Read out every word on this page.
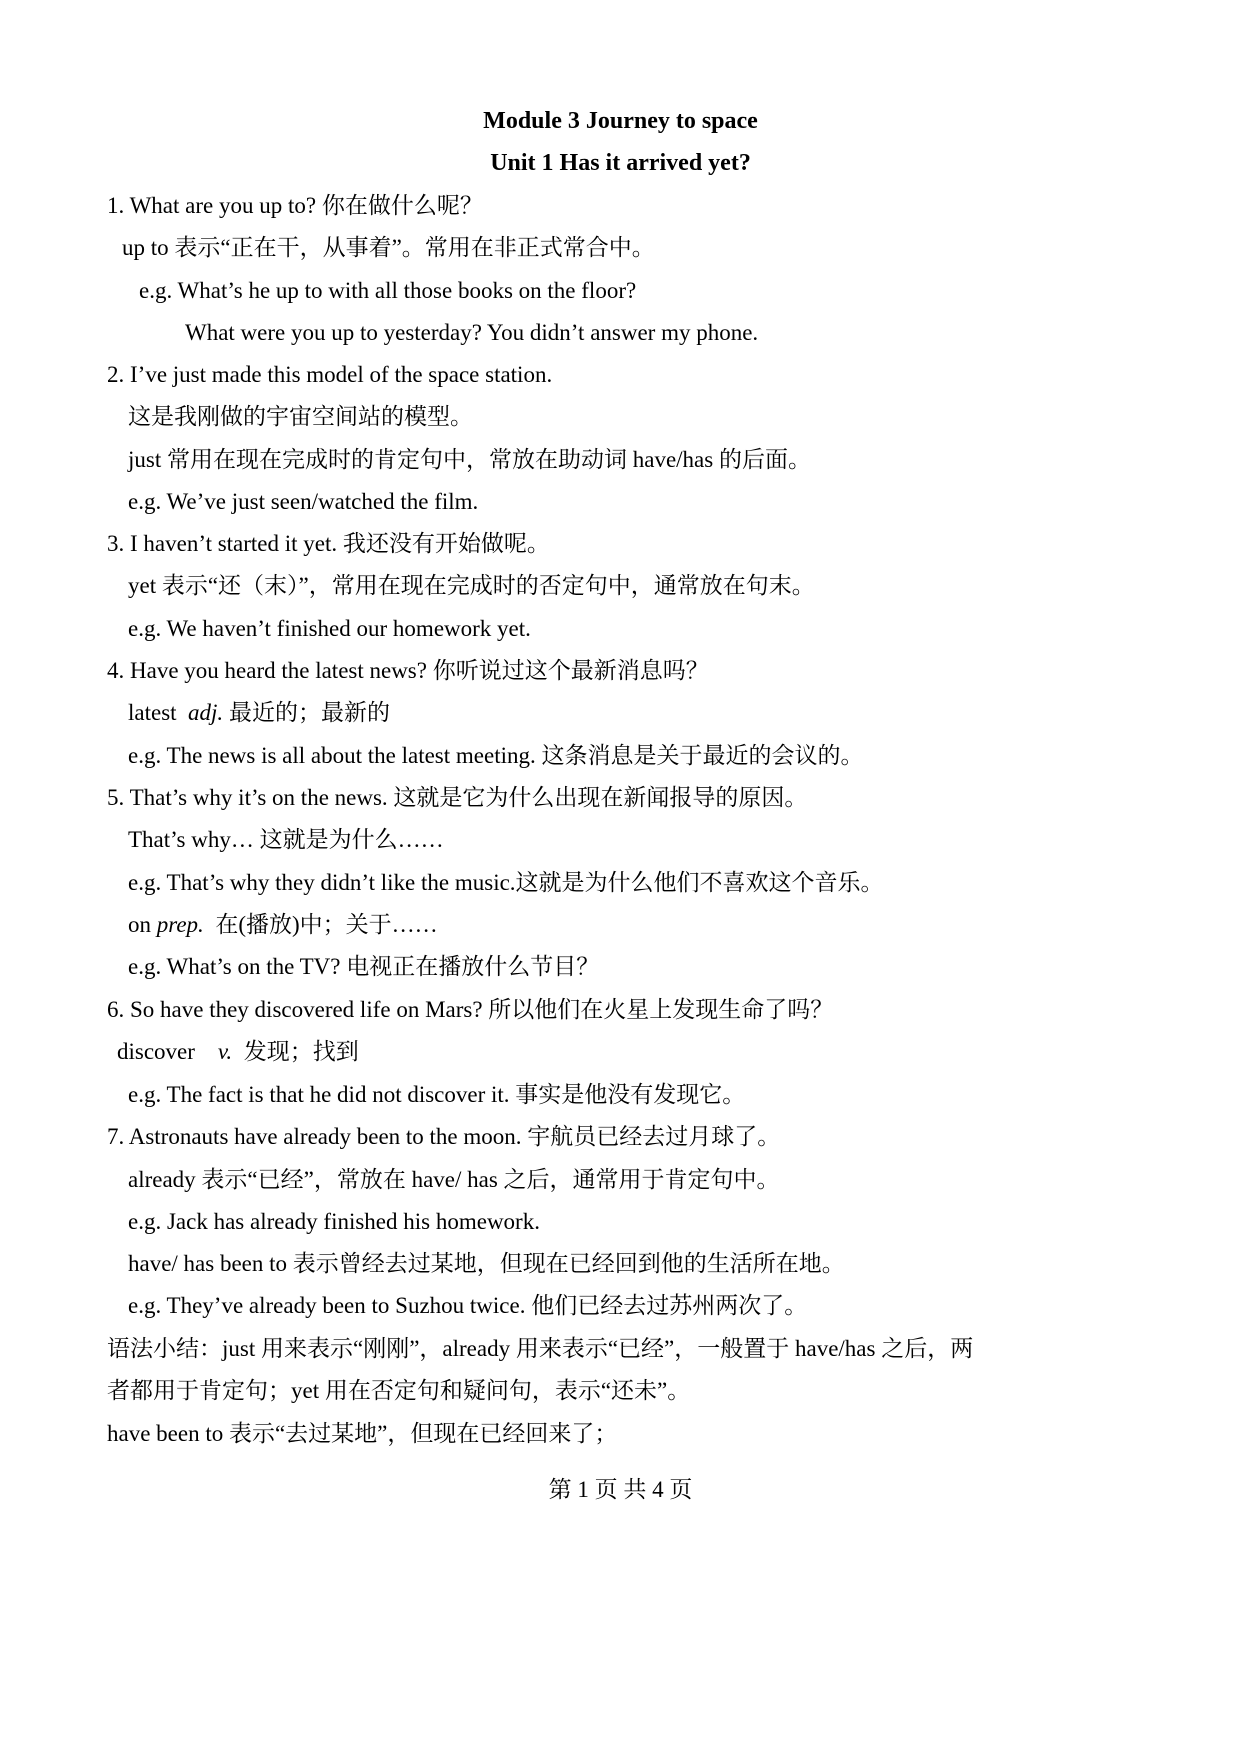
Module 3 Journey to space
Unit 1 Has it arrived yet?
1. What are you up to? 你在做什么呢？
up to 表示“正在干，从事着”。常用在非正式常合中。
e.g. What’s he up to with all those books on the floor?
What were you up to yesterday? You didn’t answer my phone.
2. I’ve just made this model of the space station.
这是我刚做的宇宙空间站的模型。
just 常用在现在完成时的肯定句中，常放在助动词 have/has 的后面。
e.g. We’ve just seen/watched the film.
3. I haven’t started it yet. 我还没有开始做呢。
yet 表示“还（末）”，常用在现在完成时的否定句中，通常放在句末。
e.g. We haven’t finished our homework yet.
4. Have you heard the latest news? 你听说过这个最新消息吗？
latest adj. 最近的；最新的
e.g. The news is all about the latest meeting. 这条消息是关于最近的会议的。
5. That’s why it’s on the news. 这就是它为什么出现在新闻报导的原因。
That’s why… 这就是为什么……
e.g. That’s why they didn’t like the music.这就是为什么他们不喜欢这个音乐。
on prep. 在(播放)中；关于……
e.g. What’s on the TV? 电视正在播放什么节目？
6. So have they discovered life on Mars? 所以他们在火星上发现生命了吗？
discover v. 发现；找到
e.g. The fact is that he did not discover it. 事实是他没有发现它。
7. Astronauts have already been to the moon. 宇航员已经去过月球了。
already 表示“已经”，常放在 have/ has 之后，通常用于肯定句中。
e.g. Jack has already finished his homework.
have/ has been to 表示曾经去过某地，但现在已经回到他的生活所在地。
e.g. They’ve already been to Suzhou twice. 他们已经去过苏州两次了。
语法小结：just 用来表示“刚刚”，already 用来表示“已经”，一般置于 have/has 之后，两
者都用于肯定句；yet 用在否定句和疑问句，表示“还未”。
have been to 表示“去过某地”，但现在已经回来了；
第 1 页 共 4 页
